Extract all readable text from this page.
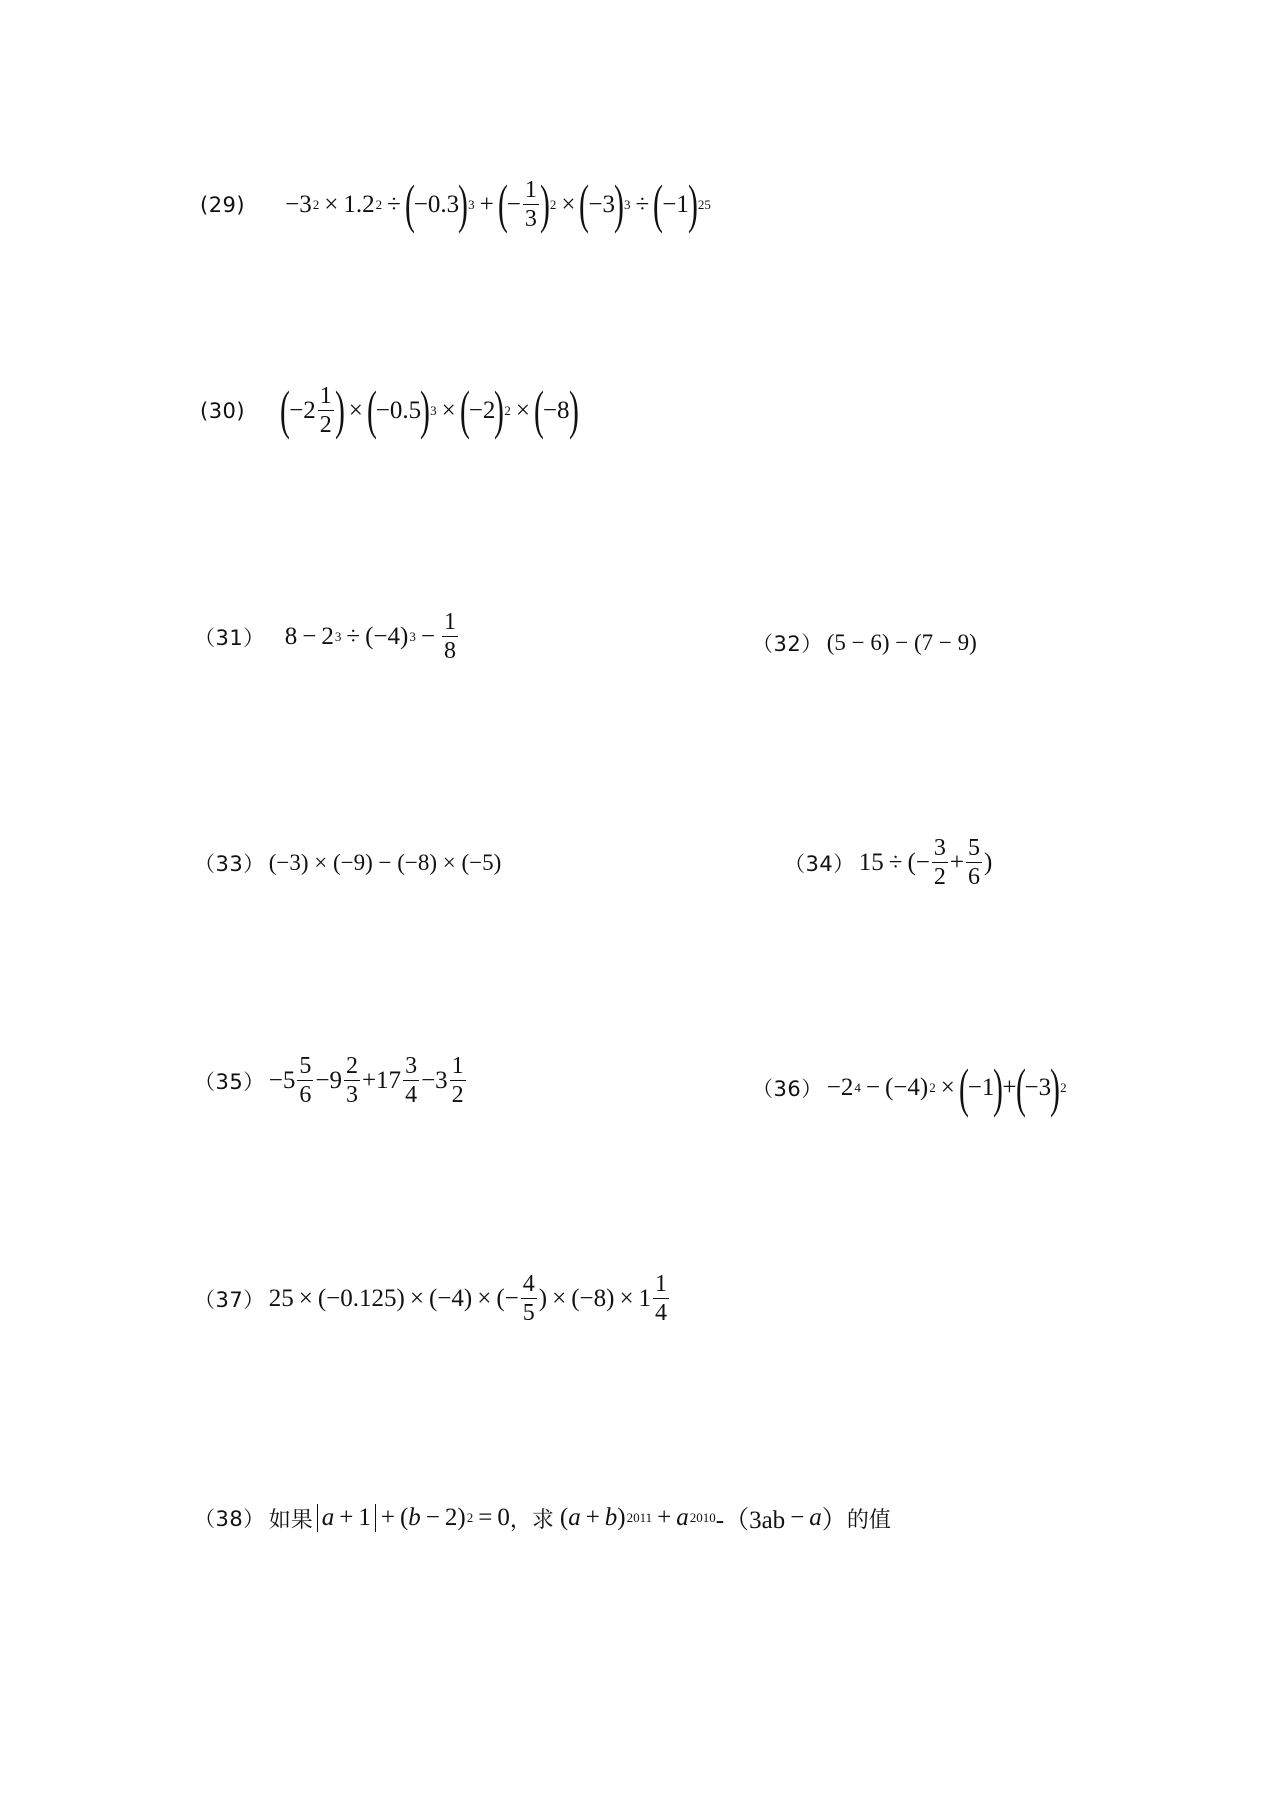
(29) −3 2 × 1.2 2 ÷ ( −0.3 ) 3 + ( − $\frac{1}{3}$ ) 2 × ( −3 ) 3 ÷ ( −1 ) 25
(30) ( $-2 \frac{1}{2}$ ) × ( −0.5 ) 3 × ( −2 ) 2 × ( −8 )
（31） 8 − 2 3 ÷ (−4) $3 - \frac{1}{8}$	（32） (5 − 6) − (7 − 9)
（33） (−3) × (−9) − (−8) × (−5)	（34） 15 ÷ (− $\frac{3}{2} + \frac{5}{6}$ )
$(35) -5 \frac{5}{6} -9 \frac{2}{3} +17 \frac{3}{4} -3 \frac{1}{2}$	（36） −2 4 − (−4) 2 × ( −1 ) + ( −3 ) 2
（37） 25 × (−0.125) × (−4) × (− $\frac{4}{5}$ ) × $(-8) \times 1 \frac{1}{4}$
（38） 如果 a + 1 + ( b − 2) 2 = 0 ，求 ( a + b ) 2011 + a 2010 -（3ab − a ） 的值
